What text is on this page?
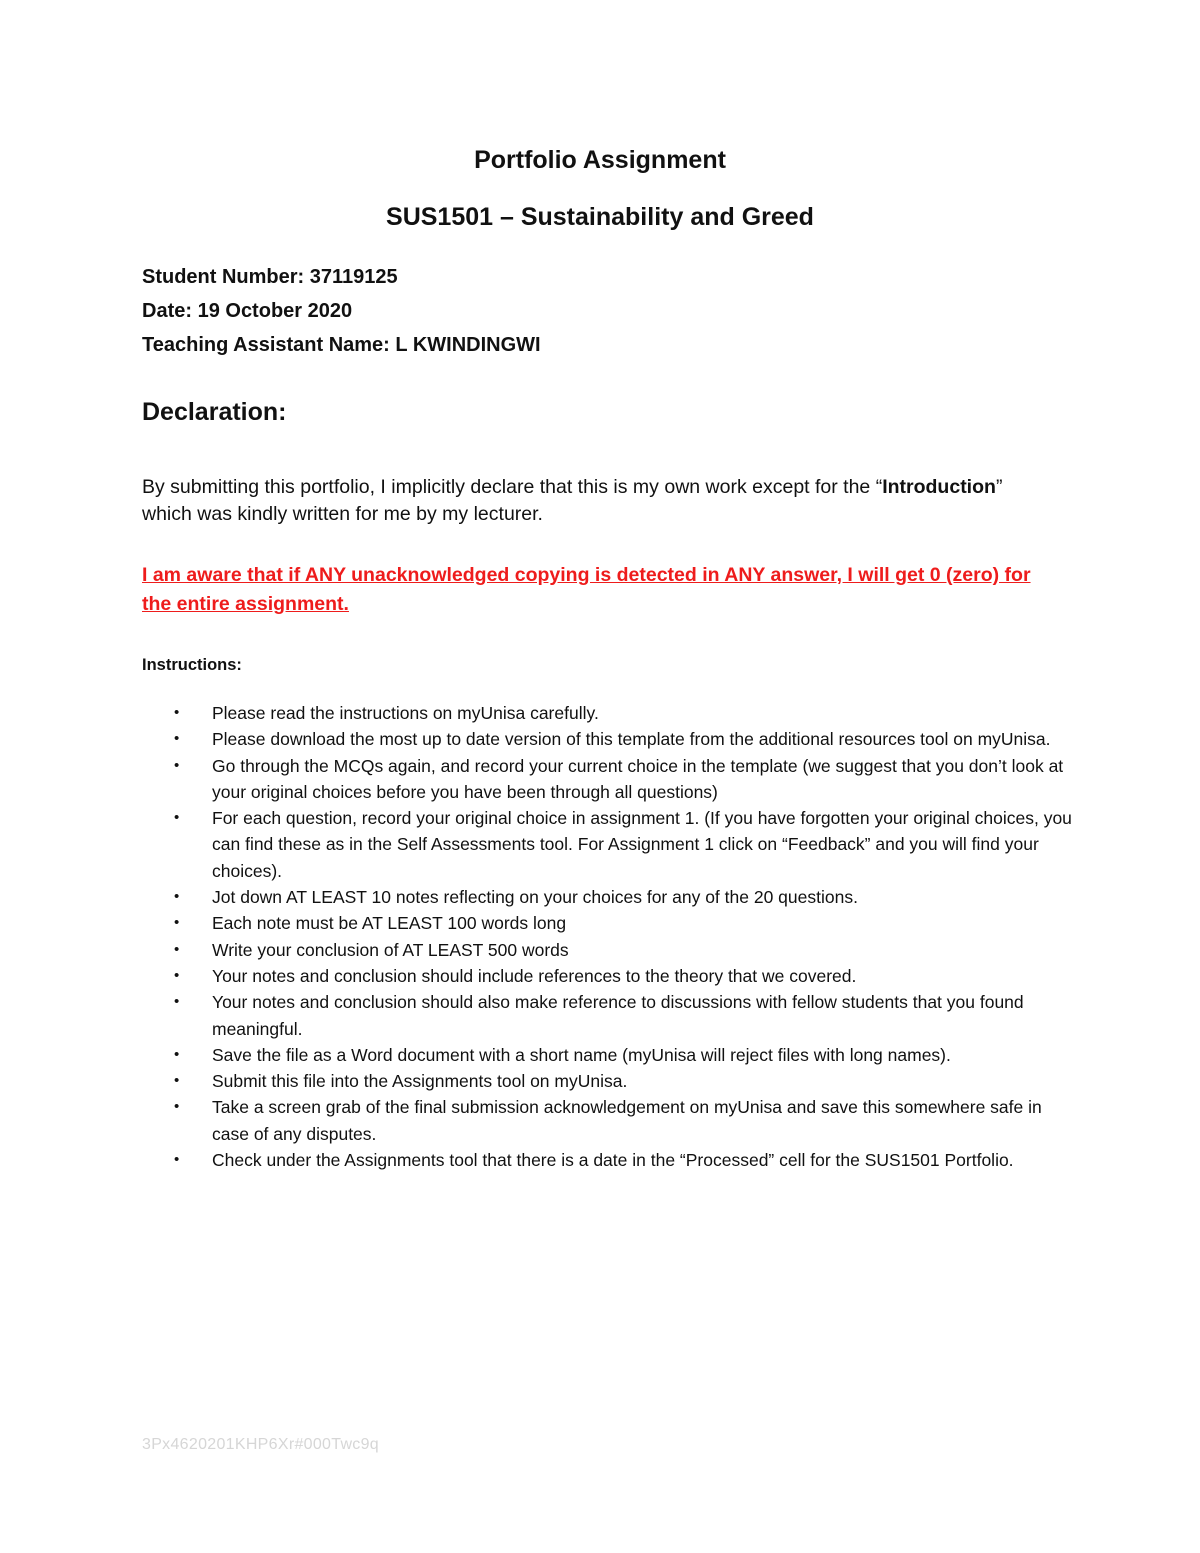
Portfolio Assignment
SUS1501 – Sustainability and Greed
Student Number: 37119125
Date: 19 October 2020
Teaching Assistant Name: L KWINDINGWI
Declaration:
By submitting this portfolio, I implicitly declare that this is my own work except for the “Introduction” which was kindly written for me by my lecturer.
I am aware that if ANY unacknowledged copying is detected in ANY answer, I will get 0 (zero) for the entire assignment.
Instructions:
• Please read the instructions on myUnisa carefully.
• Please download the most up to date version of this template from the additional resources tool on myUnisa.
• Go through the MCQs again, and record your current choice in the template (we suggest that you don’t look at your original choices before you have been through all questions)
• For each question, record your original choice in assignment 1. (If you have forgotten your original choices, you can find these as in the Self Assessments tool. For Assignment 1 click on “Feedback” and you will find your choices).
• Jot down AT LEAST 10 notes reflecting on your choices for any of the 20 questions.
• Each note must be AT LEAST 100 words long
• Write your conclusion of AT LEAST 500 words
• Your notes and conclusion should include references to the theory that we covered.
• Your notes and conclusion should also make reference to discussions with fellow students that you found meaningful.
• Save the file as a Word document with a short name (myUnisa will reject files with long names).
• Submit this file into the Assignments tool on myUnisa.
• Take a screen grab of the final submission acknowledgement on myUnisa and save this somewhere safe in case of any disputes.
• Check under the Assignments tool that there is a date in the “Processed” cell for the SUS1501 Portfolio.
3Px4620201KHP6Xr#000Twc9q
